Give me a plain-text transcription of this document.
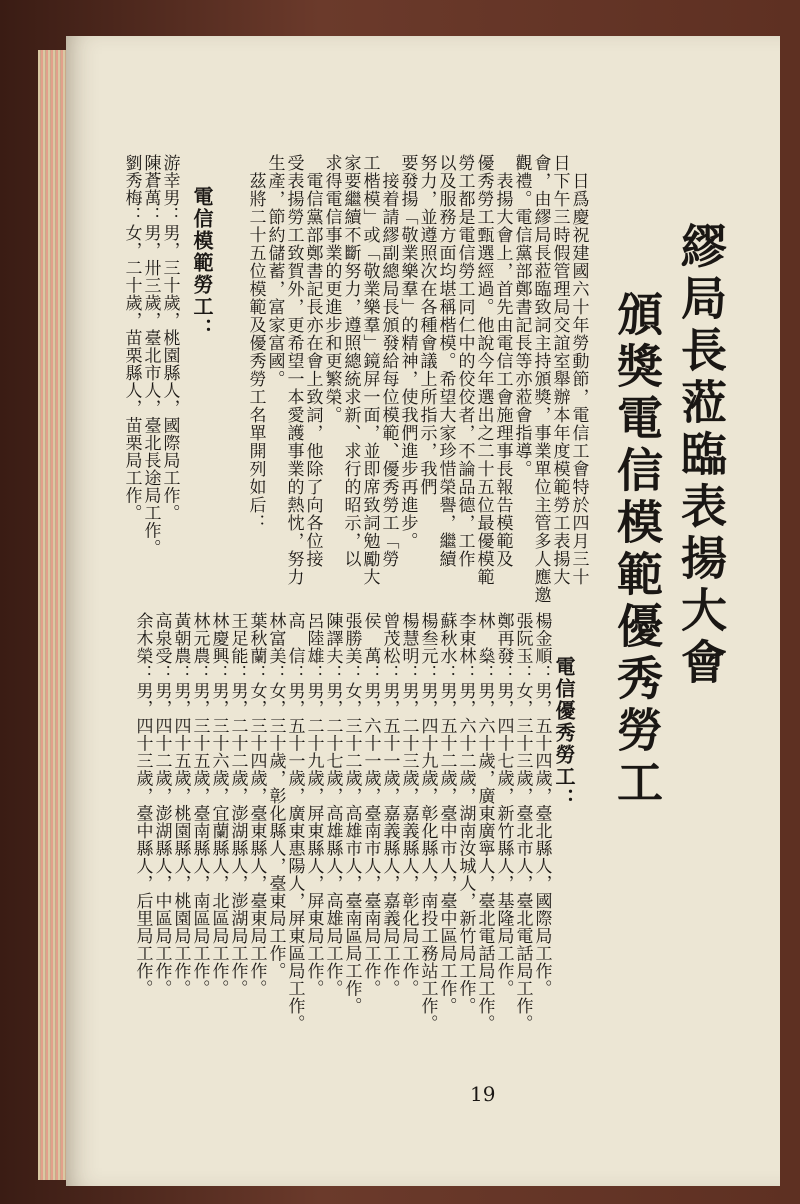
繆局長蒞臨表揚大會
頒獎電信模範優秀勞工
日爲慶祝建國六十年勞動節，電信工會特於四月三十
日下午三時假管理局交誼室舉辦本年度模範勞工表揚大
會，由繆局長蒞臨致詞主持頒獎，事業單位主管多人應邀
觀禮。電信黨部鄭書記長等亦蒞會指導。
表揚大會上，首先由電信工會施理事長報告模範及
優秀勞工甄選經過。他說今年選出之二十五位最優模範
勞工都是電信勞工同仁中的佼佼者，不論品德，工作
以及服務方面均堪稱楷模。希望大家珍惜榮譽，繼續
努力，並遵照次在各種會議上所指示，我們
要發揚「敬業樂羣」的精神，使我們進步再進步。
接着請繆副總局長頒發給每位模範、優秀勞工「勞
工楷模」或「敬業樂羣」鏡屏一面，並即席致詞勉勵大
家要繼續不斷努力，遵照總統求新、求行的昭示，以
求得電信事業的更進步和更繁榮。
電信黨部鄭書記長亦在會上致詞，他除了向各位接
受表揚勞工致賀外，更希望一本愛護事業的熱忱，努力
生產，節約儲蓄，富家富國。
茲將二十五位模範及優秀勞工名單開列如后：
電信模範勞工：
游幸男：男，三十歲，桃園縣人，國際局工作。
陳蒼萬：男，卅三歲，臺北市人，臺北長途局工作。
劉秀梅：女，二十歲，苗栗縣人，苗栗局工作。
電信優秀勞工：
楊金順：男，五十四歲，臺北縣人，國際局工作。
張阮玉：女，三十三歲，臺北市人，臺北電話局工作。
鄭再發：男，四十七歲，新竹縣人，基隆局工作。
林　燊：男，六十歲，廣東廣寧人，臺北電話局工作。
李東林：男，六十二歲，湖南汝城人，新竹局工作。
蘇秋水：男，五十二歲，臺中市人，臺中區局工作。
楊叁元：男，四十九歲，彰化縣人，南投工務站工作。
楊慧明：男，二十三歲，嘉義縣人，彰化局工作。
曾茂松：男，五十一歲，嘉義縣人，嘉義局工作。
侯　萬：男，六十一歲，臺南市人，臺南局工作。
張勝美：女，三十二歲，高雄市人，臺南區局工作。
陳譯夫：男，二十七歲，高雄縣人，高雄局工作。
呂陸雄：男，二十九歲，屏東縣人，屏東局工作。
高　信：男，五十一歲，廣東惠陽人，屏東區局工作。
林富美：女，三十歲，彰化縣人，臺東局工作。
葉秋蘭：女，三十四歲，臺東縣人，臺東局工作。
王足能：男，二十二歲，澎湖縣人，澎湖局工作。
林慶興：男，三十六歲，宜蘭縣人，北區局工作。
林元農：男，三十五歲，臺南縣人，南區局工作。
黃朝農：男，四十五歲，桃園縣人，桃園局工作。
高泉受：男，四十二歲，澎湖縣人，中區局工作。
余木榮：男，四十三歲，臺中縣人，后里局工作。
19
